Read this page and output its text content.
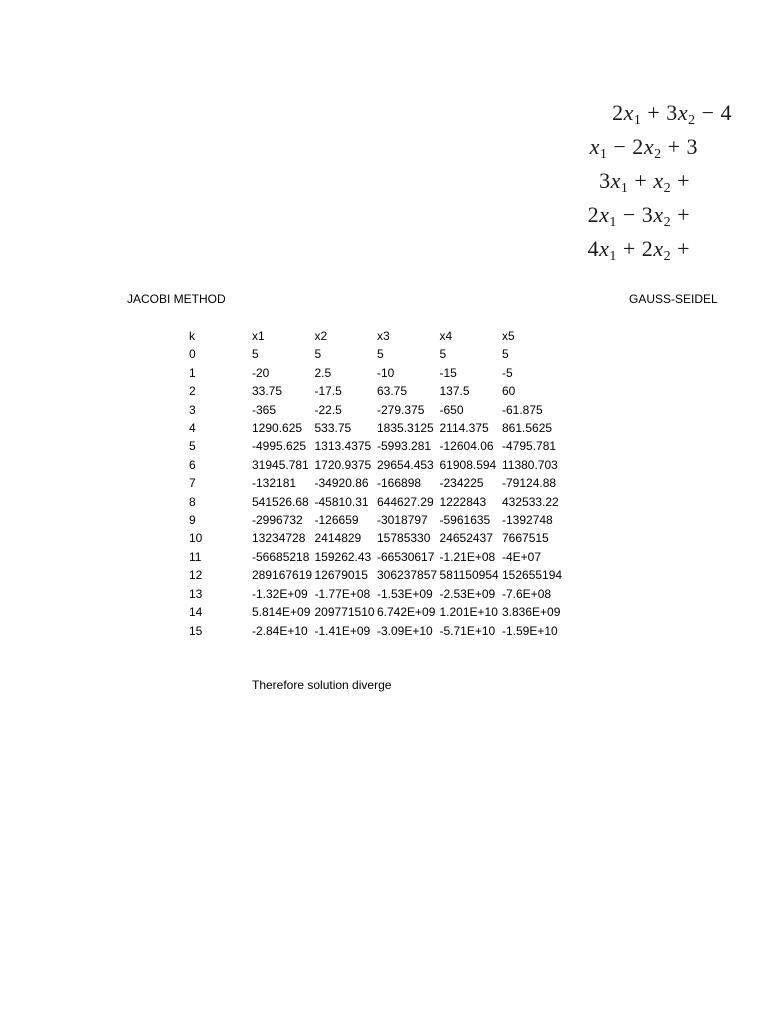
$2x_1 + 3x_2 - 4$
$x_1 - 2x_2 + 3$
$3x_1 + x_2$ +
$2x_1 - 3x_2$ +
$4x_1 + 2x_2$ +
JACOBI METHOD	GAUSS-SEIDEL
k	x1	x2	x3	x4	x5
0	5	5	5	5	5
1	-20	2.5	-10	-15	-5
2	33.75	-17.5	63.75	137.5	60
3	-365	-22.5	-279.375	-650	-61.875
4	1290.625	533.75	1835.3125	2114.375	861.5625
5	-4995.625	1313.4375	-5993.281	-12604.06	-4795.781
6	31945.781	1720.9375	29654.453	61908.594	11380.703
7	-132181	-34920.86	-166898	-234225	-79124.88
8	541526.68	-45810.31	644627.29	1222843	432533.22
9	-2996732	-126659	-3018797	-5961635	-1392748
10	13234728	2414829	15785330	24652437	7667515
11	-56685218	159262.43	-66530617	-1.21E+08	-4E+07
12	289167619	12679015	306237857	581150954	152655194
13	-1.32E+09	-1.77E+08	-1.53E+09	-2.53E+09	-7.6E+08
14	5.814E+09	209771510	6.742E+09	1.201E+10	3.836E+09
15	-2.84E+10	-1.41E+09	-3.09E+10	-5.71E+10	-1.59E+10
Therefore solution diverge
